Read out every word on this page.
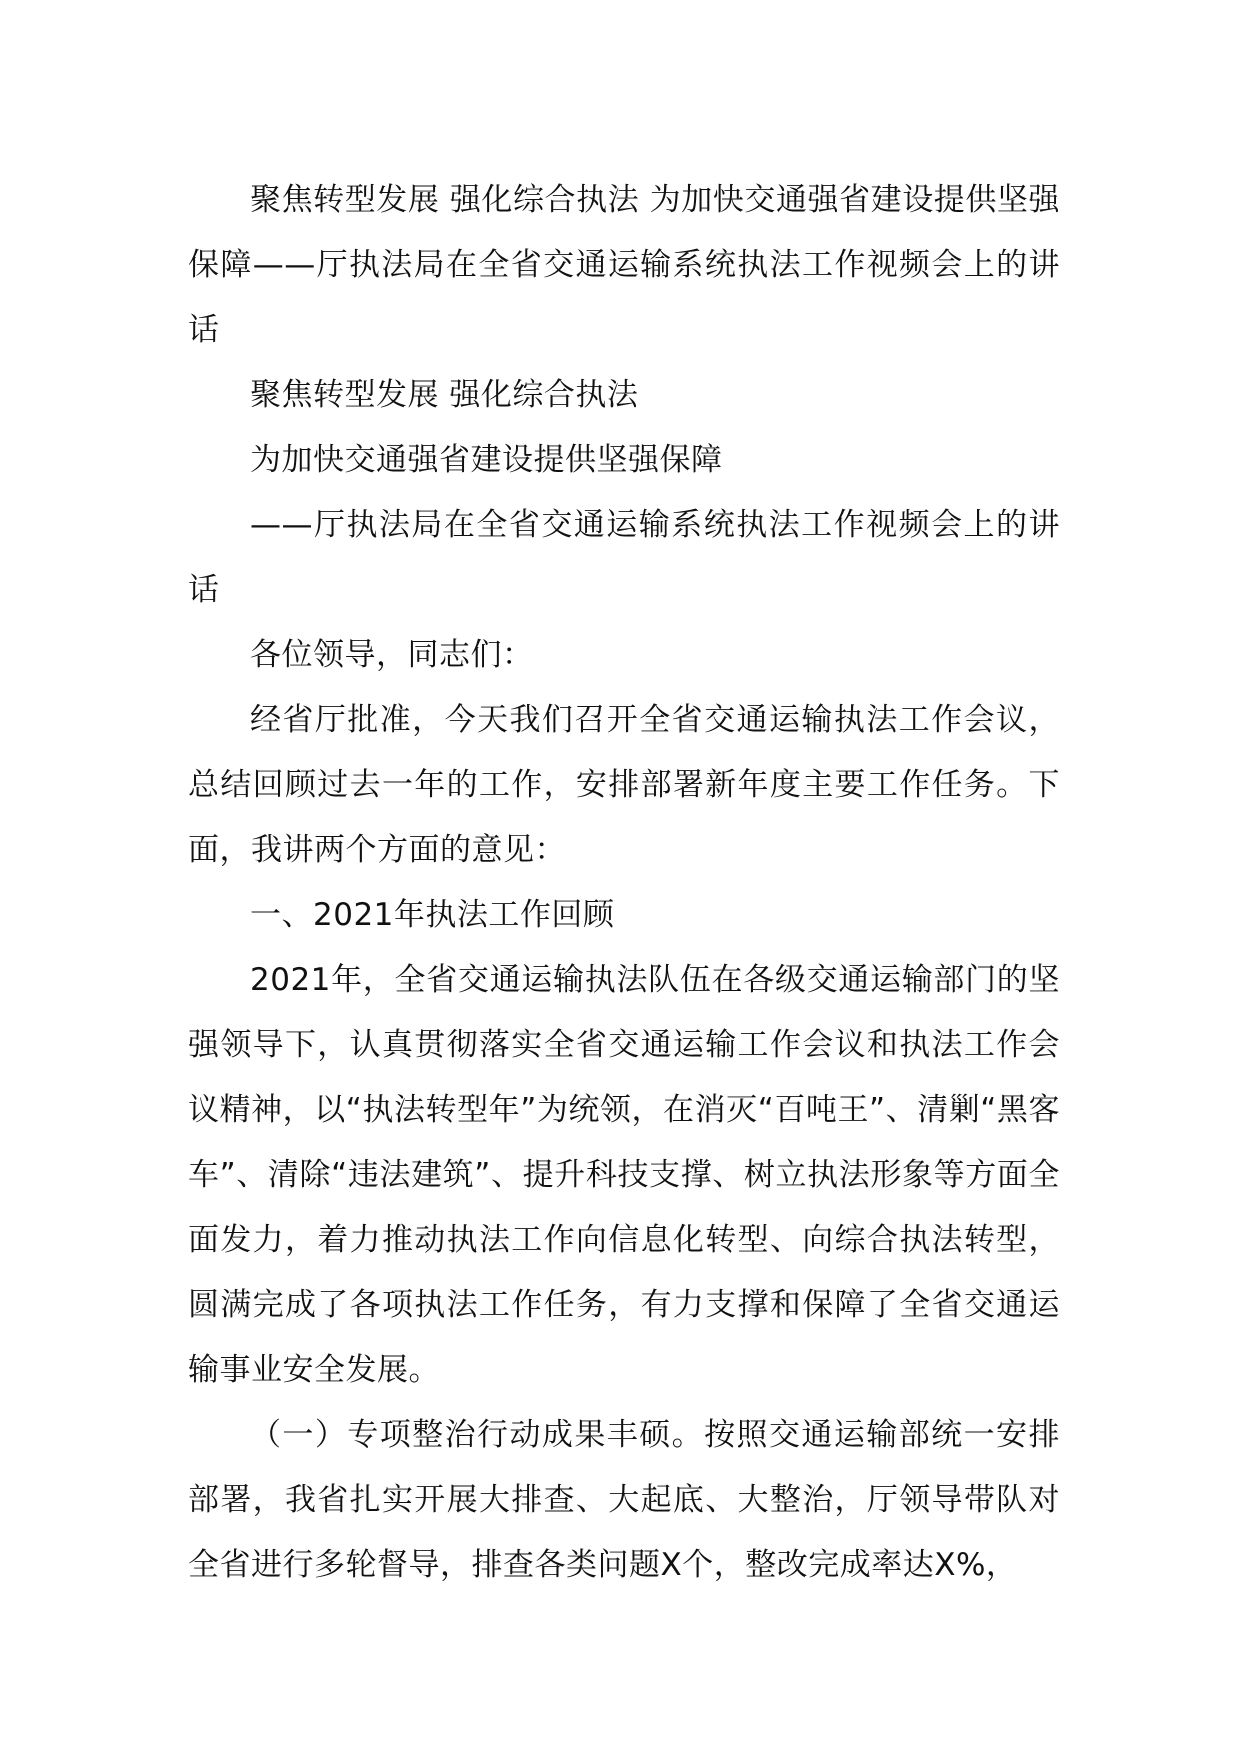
聚焦转型发展 强化综合执法 为加快交通强省建设提供坚强保障——厅执法局在全省交通运输系统执法工作视频会上的讲话

聚焦转型发展 强化综合执法

为加快交通强省建设提供坚强保障

——厅执法局在全省交通运输系统执法工作视频会上的讲话

各位领导，同志们：

经省厅批准，今天我们召开全省交通运输执法工作会议，总结回顾过去一年的工作，安排部署新年度主要工作任务。下面，我讲两个方面的意见：

一、2021年执法工作回顾

2021年，全省交通运输执法队伍在各级交通运输部门的坚强领导下，认真贯彻落实全省交通运输工作会议和执法工作会议精神，以“执法转型年”为统领，在消灭“百吨王”、清剿“黑客车”、清除“违法建筑”、提升科技支撑、树立执法形象等方面全面发力，着力推动执法工作向信息化转型、向综合执法转型，圆满完成了各项执法工作任务，有力支撑和保障了全省交通运输事业安全发展。

（一）专项整治行动成果丰硕。按照交通运输部统一安排部署，我省扎实开展大排查、大起底、大整治，厅领导带队对全省进行多轮督导，排查各类问题X个，整改完成率达X%，
